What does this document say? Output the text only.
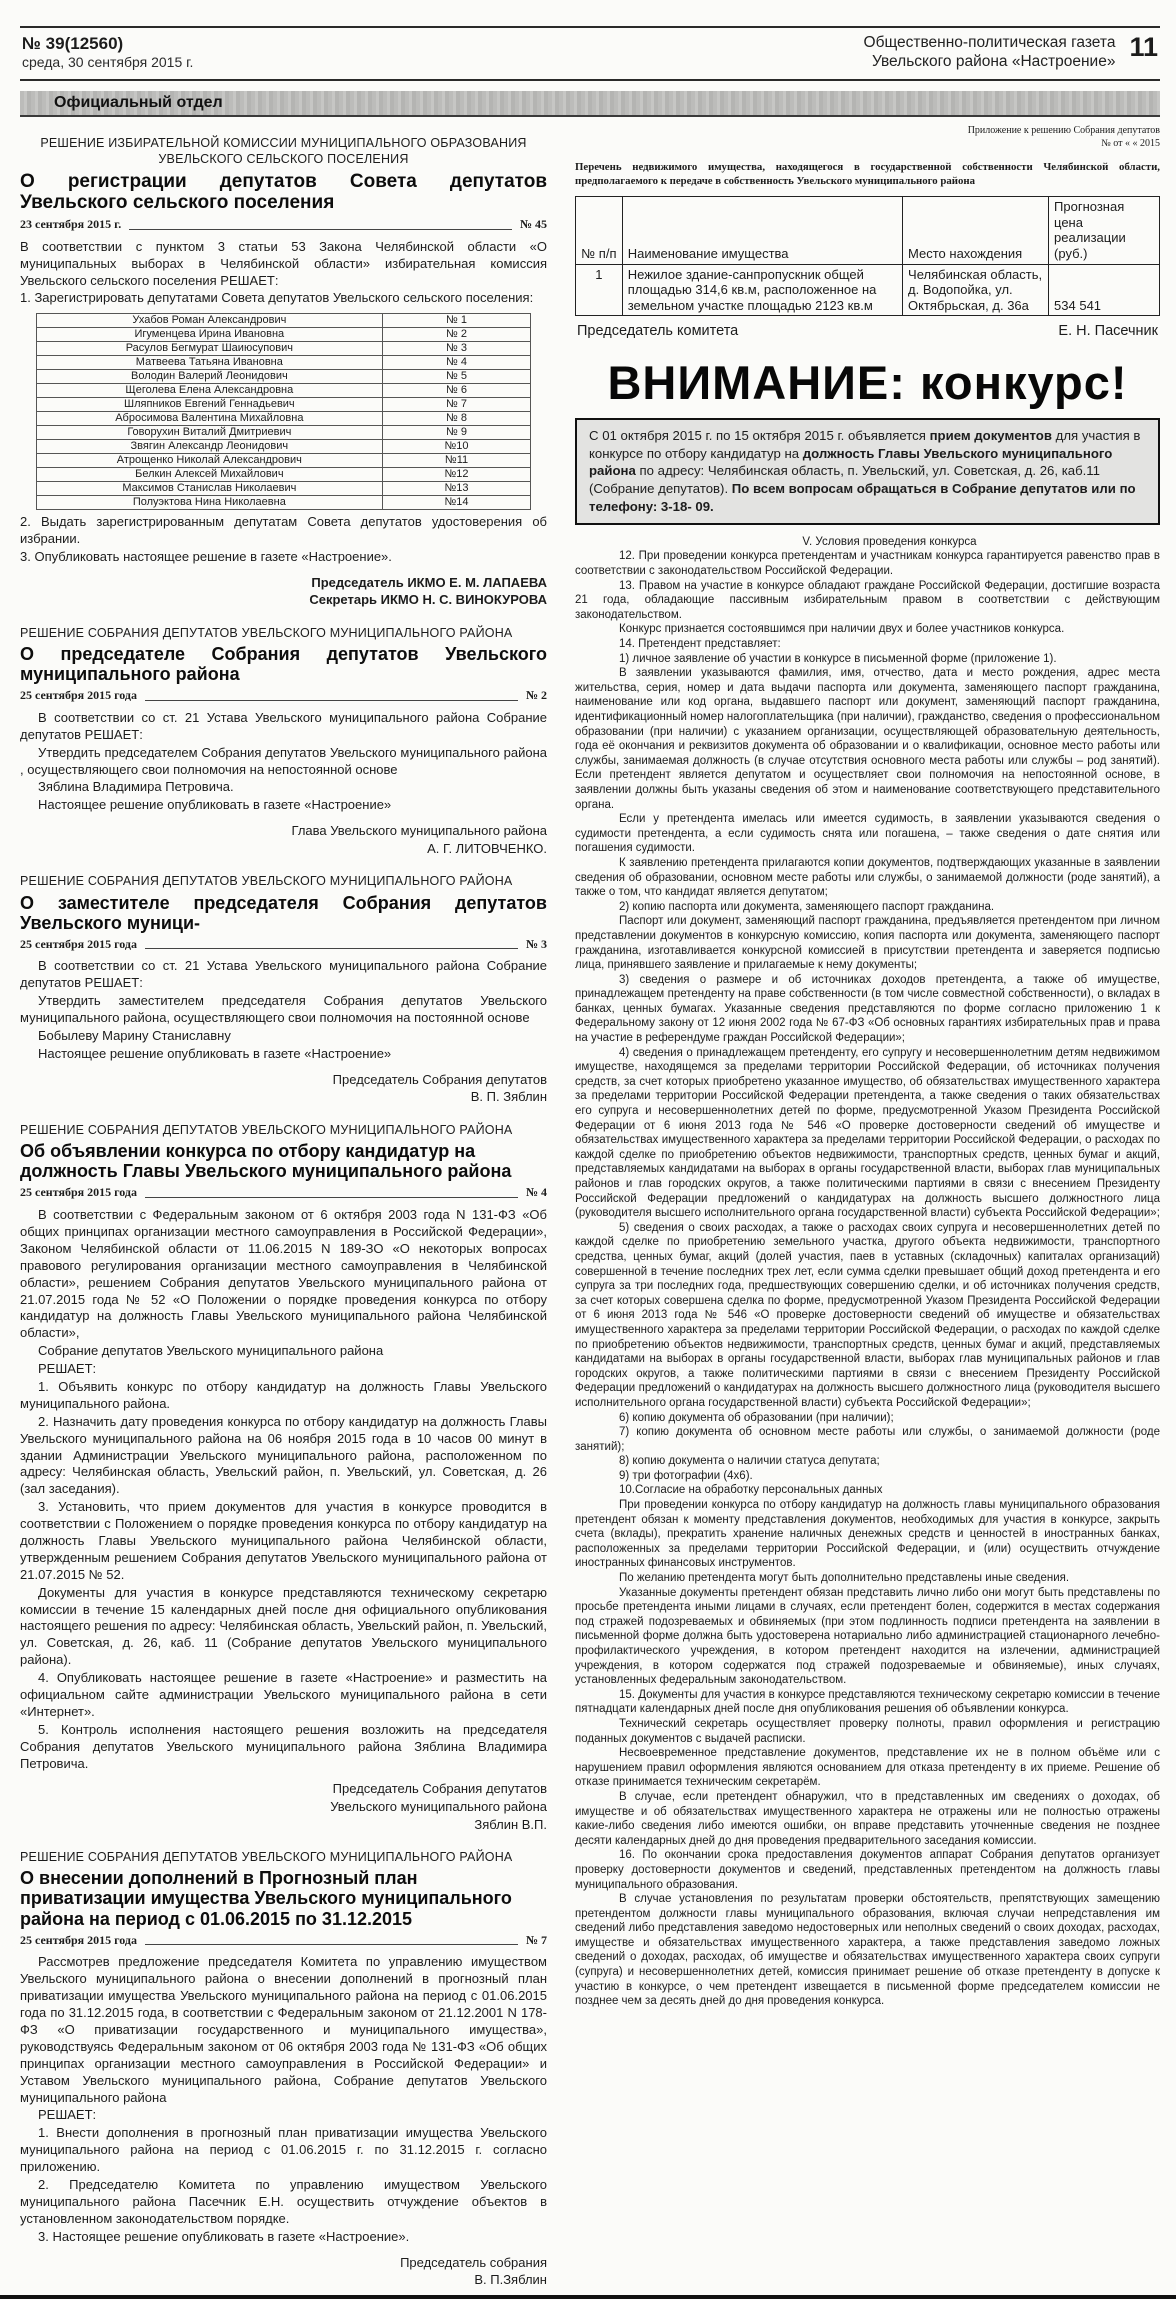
№ 39(12560)
среда, 30 сентября 2015 г.
Общественно-политическая газета
Увельского района «Настроение» 11
Официальный отдел
РЕШЕНИЕ ИЗБИРАТЕЛЬНОЙ КОМИССИИ МУНИЦИПАЛЬНОГО ОБРАЗОВАНИЯ УВЕЛЬСКОГО СЕЛЬСКОГО ПОСЕЛЕНИЯ
О регистрации депутатов Совета депутатов Увельского сельского поселения
23 сентября 2015 г.	№ 45

В соответствии с пунктом 3 статьи 53 Закона Челябинской области «О муниципальных выборах в Челябинской области» избирательная комиссия Увельского сельского поселения РЕШАЕТ:

1. Зарегистрировать депутатами Совета депутатов Увельского сельского поселения:

Ухабов Роман Александрович	№ 1
Игуменцева Ирина Ивановна	№ 2
Расулов Бегмурат Шаиюсупович	№ 3
Матвеева Татьяна Ивановна	№ 4
Володин Валерий Леонидович	№ 5
Щеголева Елена Александровна	№ 6
Шляпников Евгений Геннадьевич	№ 7
Абросимова Валентина Михайловна	№ 8
Говорухин Виталий Дмитриевич	№ 9
Звягин Александр Леонидович	№10
Атрощенко Николай Александрович	№11
Белкин Алексей Михайлович	№12
Максимов Станислав Николаевич	№13
Полуэктова Нина Николаевна	№14

2. Выдать зарегистрированным депутатам Совета депутатов удостоверения об избрании.

3. Опубликовать настоящее решение в газете «Настроение».

Председатель ИКМО Е. М. ЛАПАЕВА
Секретарь ИКМО Н. С. ВИНОКУРОВА
РЕШЕНИЕ СОБРАНИЯ ДЕПУТАТОВ УВЕЛЬСКОГО МУНИЦИПАЛЬНОГО РАЙОНА
О председателе Собрания депутатов Увельского муниципального района
25 сентября 2015 года	№ 2

В соответствии со ст. 21 Устава Увельского муниципального района Собрание депутатов РЕШАЕТ:

Утвердить председателем Собрания депутатов Увельского муниципального района , осуществляющего свои полномочия на непостоянной основе

Зяблина Владимира Петровича.

Настоящее решение опубликовать в газете «Настроение»

Глава Увельского муниципального района
А. Г. ЛИТОВЧЕНКО.
РЕШЕНИЕ СОБРАНИЯ ДЕПУТАТОВ УВЕЛЬСКОГО МУНИЦИПАЛЬНОГО РАЙОНА
О заместителе председателя Собрания депутатов Увельского муници-
25 сентября 2015 года	№ 3

В соответствии со ст. 21 Устава Увельского муниципального района Собрание депутатов РЕШАЕТ:

Утвердить заместителем председателя Собрания депутатов Увельского муниципального района, осуществляющего свои полномочия на постоянной основе

Бобылеву Марину Станиславну

Настоящее решение опубликовать в газете «Настроение»

Председатель Собрания депутатов
В. П. Зяблин
РЕШЕНИЕ СОБРАНИЯ ДЕПУТАТОВ УВЕЛЬСКОГО МУНИЦИПАЛЬНОГО РАЙОНА
Об объявлении конкурса по отбору кандидатур на должность Главы Увельского муниципального района
25 сентября 2015 года	№ 4

В соответствии с Федеральным законом от 6 октября 2003 года N 131-ФЗ «Об общих принципах организации местного самоуправления в Российской Федерации», Законом Челябинской области от 11.06.2015 N 189-ЗО «О некоторых вопросах правового регулирования организации местного самоуправления в Челябинской области», решением Собрания депутатов Увельского муниципального района от 21.07.2015 года № 52 «О Положении о порядке проведения конкурса по отбору кандидатур на должность Главы Увельского муниципального района Челябинской области»,

Собрание депутатов Увельского муниципального района

РЕШАЕТ:

1. Объявить конкурс по отбору кандидатур на должность Главы Увельского муниципального района.

2. Назначить дату проведения конкурса по отбору кандидатур на должность Главы Увельского муниципального района на 06 ноября 2015 года в 10 часов 00 минут в здании Администрации Увельского муниципального района, расположенном по адресу: Челябинская область, Увельский район, п. Увельский, ул. Советская, д. 26 (зал заседания).

3. Установить, что прием документов для участия в конкурсе проводится в соответствии с Положением о порядке проведения конкурса по отбору кандидатур на должность Главы Увельского муниципального района Челябинской области, утвержденным решением Собрания депутатов Увельского муниципального района от 21.07.2015 № 52.

Документы для участия в конкурсе представляются техническому секретарю комиссии в течение 15 календарных дней после дня официального опубликования настоящего решения по адресу: Челябинская область, Увельский район, п. Увельский, ул. Советская, д. 26, каб. 11 (Собрание депутатов Увельского муниципального района).

4. Опубликовать настоящее решение в газете «Настроение» и разместить на официальном сайте администрации Увельского муниципального района в сети «Интернет».

5. Контроль исполнения настоящего решения возложить на председателя Собрания депутатов Увельского муниципального района Зяблина Владимира Петровича.

Председатель Собрания депутатов
Увельского муниципального района
Зяблин В.П.
РЕШЕНИЕ СОБРАНИЯ ДЕПУТАТОВ УВЕЛЬСКОГО МУНИЦИПАЛЬНОГО РАЙОНА
О внесении дополнений в Прогнозный план приватизации имущества Увельского муниципального района на период с 01.06.2015 по 31.12.2015
25 сентября 2015 года	№ 7

Рассмотрев предложение председателя Комитета по управлению имуществом Увельского муниципального района о внесении дополнений в прогнозный план приватизации имущества Увельского муниципального района на период с 01.06.2015 года по 31.12.2015 года, в соответствии с Федеральным законом от 21.12.2001 N 178-ФЗ «О приватизации государственного и муниципального имущества», руководствуясь Федеральным законом от 06 октября 2003 года № 131-ФЗ «Об общих принципах организации местного самоуправления в Российской Федерации» и Уставом Увельского муниципального района, Собрание депутатов Увельского муниципального района

РЕШАЕТ:

1. Внести дополнения в прогнозный план приватизации имущества Увельского муниципального района на период с 01.06.2015 г. по 31.12.2015 г. согласно приложению.

2. Председателю Комитета по управлению имуществом Увельского муниципального района Пасечник Е.Н. осуществить отчуждение объектов в установленном законодательством порядке.

3. Настоящее решение опубликовать в газете «Настроение».

Председатель собрания
В. П.Зяблин
Приложение к решению Собрания депутатов
№ от « « 2015
Перечень недвижимого имущества, находящегося в государственной собственности Челябинской области, предполагаемого к передаче в собственность Увельского муниципального района
№ п/п	Наименование имущества	Место нахождения	Прогнозная цена реализации (руб.)
1	Нежилое здание-санпропускник общей площадью 314,6 кв.м, расположенное на земельном участке площадью 2123 кв.м	Челябинская область, д. Водопойка, ул. Октябрьская, д. 36а	534 541
Председатель комитета	Е. Н. Пасечник
ВНИМАНИЕ: конкурс!
С 01 октября 2015 г. по 15 октября 2015 г. объявляется прием документов для участия в конкурсе по отбору кандидатур на должность Главы Увельского муниципального района по адресу: Челябинская область, п. Увельский, ул. Советская, д. 26, каб.11 (Собрание депутатов). По всем вопросам обращаться в Собрание депутатов или по телефону: 3-18- 09.

V. Условия проведения конкурса

12. При проведении конкурса претендентам и участникам конкурса гарантируется равенство прав в соответствии с законодательством Российской Федерации.

13. Правом на участие в конкурсе обладают граждане Российской Федерации, достигшие возраста 21 года, обладающие пассивным избирательным правом в соответствии с действующим законодательством.

Конкурс признается состоявшимся при наличии двух и более участников конкурса.

14. Претендент представляет:

1) личное заявление об участии в конкурсе в письменной форме (приложение 1).

В заявлении указываются фамилия, имя, отчество, дата и место рождения, адрес места жительства, серия, номер и дата выдачи паспорта или документа, заменяющего паспорт гражданина, наименование или код органа, выдавшего паспорт или документ, заменяющий паспорт гражданина, идентификационный номер налогоплательщика (при наличии), гражданство, сведения о профессиональном образовании (при наличии) с указанием организации, осуществляющей образовательную деятельность, года её окончания и реквизитов документа об образовании и о квалификации, основное место работы или службы, занимаемая должность (в случае отсутствия основного места работы или службы – род занятий). Если претендент является депутатом и осуществляет свои полномочия на непостоянной основе, в заявлении должны быть указаны сведения об этом и наименование соответствующего представительного органа.

Если у претендента имелась или имеется судимость, в заявлении указываются сведения о судимости претендента, а если судимость снята или погашена, – также сведения о дате снятия или погашения судимости.

К заявлению претендента прилагаются копии документов, подтверждающих указанные в заявлении сведения об образовании, основном месте работы или службы, о занимаемой должности (роде занятий), а также о том, что кандидат является депутатом;

2) копию паспорта или документа, заменяющего паспорт гражданина.

Паспорт или документ, заменяющий паспорт гражданина, предъявляется претендентом при личном представлении документов в конкурсную комиссию, копия паспорта или документа, заменяющего паспорт гражданина, изготавливается конкурсной комиссией в присутствии претендента и заверяется подписью лица, принявшего заявление и прилагаемые к нему документы;

3) сведения о размере и об источниках доходов претендента, а также об имуществе, принадлежащем претенденту на праве собственности (в том числе совместной собственности), о вкладах в банках, ценных бумагах. Указанные сведения представляются по форме согласно приложению 1 к Федеральному закону от 12 июня 2002 года № 67-ФЗ «Об основных гарантиях избирательных прав и права на участие в референдуме граждан Российской Федерации»;

4) сведения о принадлежащем претенденту, его супругу и несовершеннолетним детям недвижимом имуществе, находящемся за пределами территории Российской Федерации, об источниках получения средств, за счет которых приобретено указанное имущество, об обязательствах имущественного характера за пределами территории Российской Федерации претендента, а также сведения о таких обязательствах его супруга и несовершеннолетних детей по форме, предусмотренной Указом Президента Российской Федерации от 6 июня 2013 года № 546 «О проверке достоверности сведений об имуществе и обязательствах имущественного характера за пределами территории Российской Федерации, о расходах по каждой сделке по приобретению объектов недвижимости, транспортных средств, ценных бумаг и акций, представляемых кандидатами на выборах в органы государственной власти, выборах глав муниципальных районов и глав городских округов, а также политическими партиями в связи с внесением Президенту Российской Федерации предложений о кандидатурах на должность высшего должностного лица (руководителя высшего исполнительного органа государственной власти) субъекта Российской Федерации»;

5) сведения о своих расходах, а также о расходах своих супруга и несовершеннолетних детей по каждой сделке по приобретению земельного участка, другого объекта недвижимости, транспортного средства, ценных бумаг, акций (долей участия, паев в уставных (складочных) капиталах организаций) совершенной в течение последних трех лет, если сумма сделки превышает общий доход претендента и его супруга за три последних года, предшествующих совершению сделки, и об источниках получения средств, за счет которых совершена сделка по форме, предусмотренной Указом Президента Российской Федерации от 6 июня 2013 года № 546 «О проверке достоверности сведений об имуществе и обязательствах имущественного характера за пределами территории Российской Федерации, о расходах по каждой сделке по приобретению объектов недвижимости, транспортных средств, ценных бумаг и акций, представляемых кандидатами на выборах в органы государственной власти, выборах глав муниципальных районов и глав городских округов, а также политическими партиями в связи с внесением Президенту Российской Федерации предложений о кандидатурах на должность высшего должностного лица (руководителя высшего исполнительного органа государственной власти) субъекта Российской Федерации»;

6) копию документа об образовании (при наличии);

7) копию документа об основном месте работы или службы, о занимаемой должности (роде занятий);

8) копию документа о наличии статуса депутата;

9) три фотографии (4х6).

10.Согласие на обработку персональных данных

При проведении конкурса по отбору кандидатур на должность главы муниципального образования претендент обязан к моменту представления документов, необходимых для участия в конкурсе, закрыть счета (вклады), прекратить хранение наличных денежных средств и ценностей в иностранных банках, расположенных за пределами территории Российской Федерации, и (или) осуществить отчуждение иностранных финансовых инструментов.

По желанию претендента могут быть дополнительно представлены иные сведения.

Указанные документы претендент обязан представить лично либо они могут быть представлены по просьбе претендента иными лицами в случаях, если претендент болен, содержится в местах содержания под стражей подозреваемых и обвиняемых (при этом подлинность подписи претендента на заявлении в письменной форме должна быть удостоверена нотариально либо администрацией стационарного лечебно-профилактического учреждения, в котором претендент находится на излечении, администрацией учреждения, в котором содержатся под стражей подозреваемые и обвиняемые), иных случаях, установленных федеральным законодательством.

15. Документы для участия в конкурсе представляются техническому секретарю комиссии в течение пятнадцати календарных дней после дня опубликования решения об объявлении конкурса.

Технический секретарь осуществляет проверку полноты, правил оформления и регистрацию поданных документов с выдачей расписки.

Несвоевременное представление документов, представление их не в полном объёме или с нарушением правил оформления являются основанием для отказа претенденту в их приеме. Решение об отказе принимается техническим секретарём.

В случае, если претендент обнаружил, что в представленных им сведениях о доходах, об имуществе и об обязательствах имущественного характера не отражены или не полностью отражены какие-либо сведения либо имеются ошибки, он вправе представить уточненные сведения не позднее десяти календарных дней до дня проведения предварительного заседания комиссии.

16. По окончании срока предоставления документов аппарат Собрания депутатов организует проверку достоверности документов и сведений, представленных претендентом на должность главы муниципального образования.

В случае установления по результатам проверки обстоятельств, препятствующих замещению претендентом должности главы муниципального образования, включая случаи непредставления им сведений либо представления заведомо недостоверных или неполных сведений о своих доходах, расходах, имуществе и обязательствах имущественного характера, а также представления заведомо ложных сведений о доходах, расходах, об имуществе и обязательствах имущественного характера своих супруги (супруга) и несовершеннолетних детей, комиссия принимает решение об отказе претенденту в допуске к участию в конкурсе, о чем претендент извещается в письменной форме председателем комиссии не позднее чем за десять дней до дня проведения конкурса.
